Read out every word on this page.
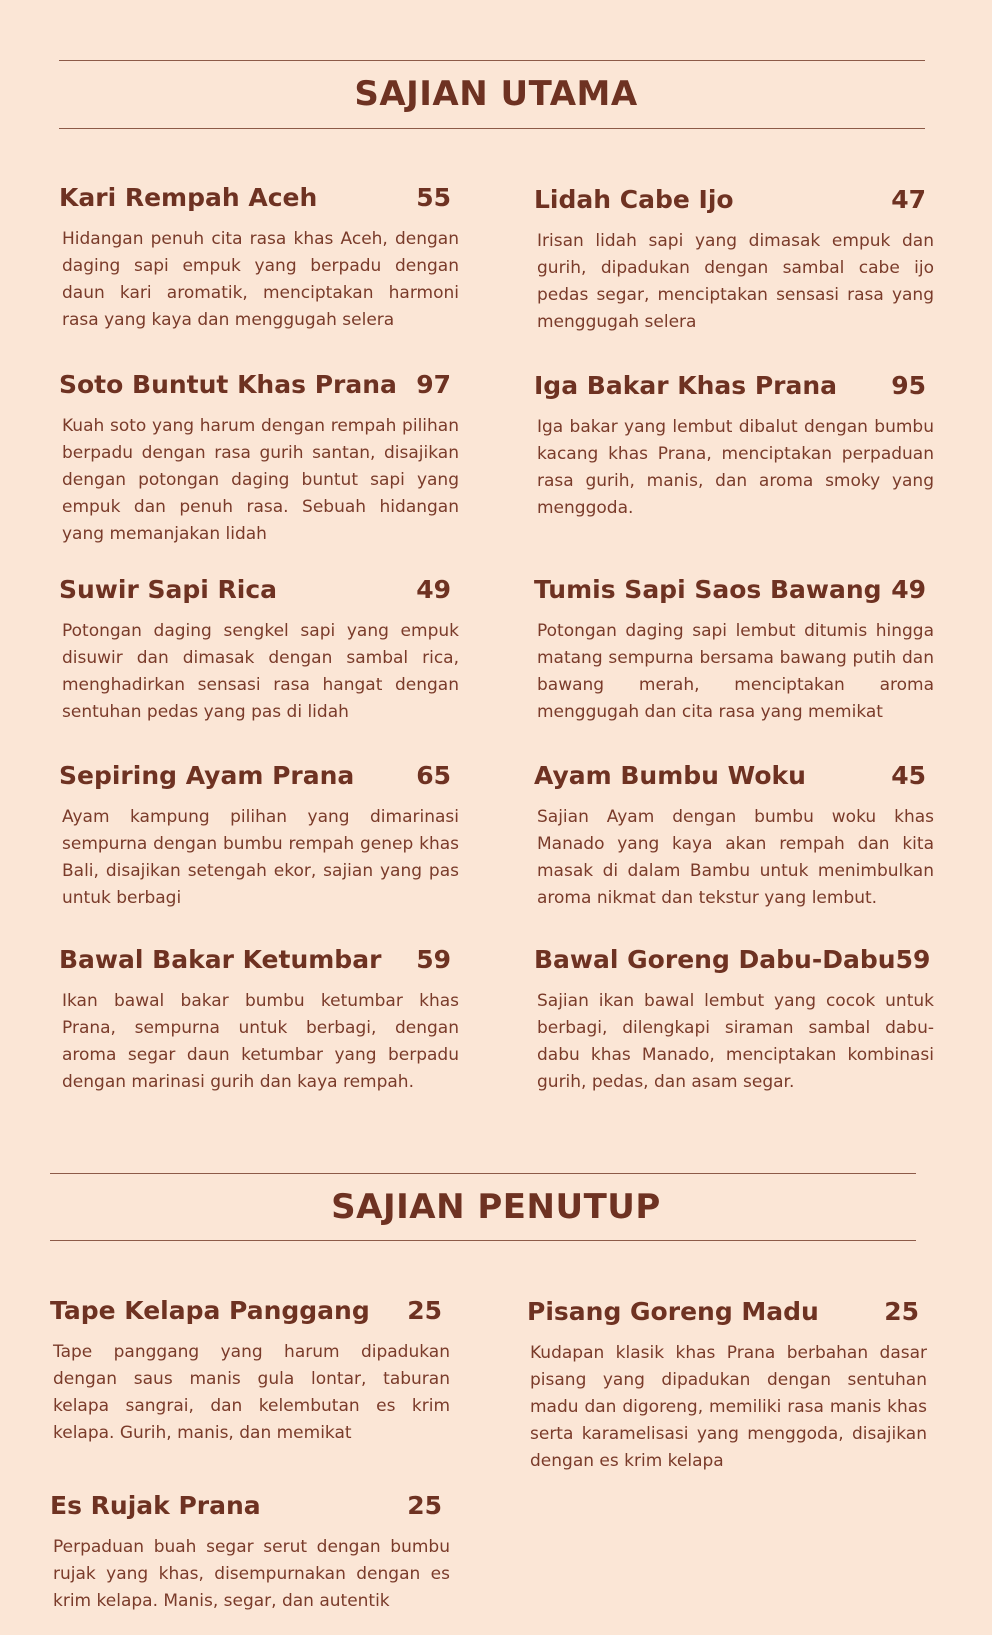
SAJIAN UTAMA
Kari Rempah Aceh	55
Hidangan penuh cita rasa khas Aceh, dengan daging sapi empuk yang berpadu dengan daun kari aromatik, menciptakan harmoni rasa yang kaya dan menggugah selera
Soto Buntut Khas Prana 97
Kuah soto yang harum dengan rempah pilihan berpadu dengan rasa gurih santan, disajikan dengan potongan daging buntut sapi yang empuk dan penuh rasa. Sebuah hidangan yang memanjakan lidah
Suwir Sapi Rica	49
Potongan daging sengkel sapi yang empuk disuwir dan dimasak dengan sambal rica, menghadirkan sensasi rasa hangat dengan sentuhan pedas yang pas di lidah
Sepiring Ayam Prana 65
Ayam kampung pilihan yang dimarinasi sempurna dengan bumbu rempah genep khas Bali, disajikan setengah ekor, sajian yang pas untuk berbagi
Bawal Bakar Ketumbar 59
Ikan bawal bakar bumbu ketumbar khas Prana, sempurna untuk berbagi, dengan aroma segar daun ketumbar yang berpadu dengan marinasi gurih dan kaya rempah.
Lidah Cabe Ijo	47
Irisan lidah sapi yang dimasak empuk dan gurih, dipadukan dengan sambal cabe ijo pedas segar, menciptakan sensasi rasa yang menggugah selera
Iga Bakar Khas Prana 95
Iga bakar yang lembut dibalut dengan bumbu kacang khas Prana, menciptakan perpaduan rasa gurih, manis, dan aroma smoky yang menggoda.
Tumis Sapi Saos Bawang 49
Potongan daging sapi lembut ditumis hingga matang sempurna bersama bawang putih dan bawang merah, menciptakan aroma menggugah dan cita rasa yang memikat
Ayam Bumbu Woku	45
Sajian Ayam dengan bumbu woku khas Manado yang kaya akan rempah dan kita masak di dalam Bambu untuk menimbulkan aroma nikmat dan tekstur yang lembut.
Bawal Goreng Dabu-Dabu 59
Sajian ikan bawal lembut yang cocok untuk berbagi, dilengkapi siraman sambal dabu-dabu khas Manado, menciptakan kombinasi gurih, pedas, dan asam segar.
SAJIAN PENUTUP
Tape Kelapa Panggang 25
Tape panggang yang harum dipadukan dengan saus manis gula lontar, taburan kelapa sangrai, dan kelembutan es krim kelapa. Gurih, manis, dan memikat
Pisang Goreng Madu	25
Kudapan klasik khas Prana berbahan dasar pisang yang dipadukan dengan sentuhan madu dan digoreng, memiliki rasa manis khas serta karamelisasi yang menggoda, disajikan dengan es krim kelapa
Es Rujak Prana	25
Perpaduan buah segar serut dengan bumbu rujak yang khas, disempurnakan dengan es krim kelapa. Manis, segar, dan autentik
